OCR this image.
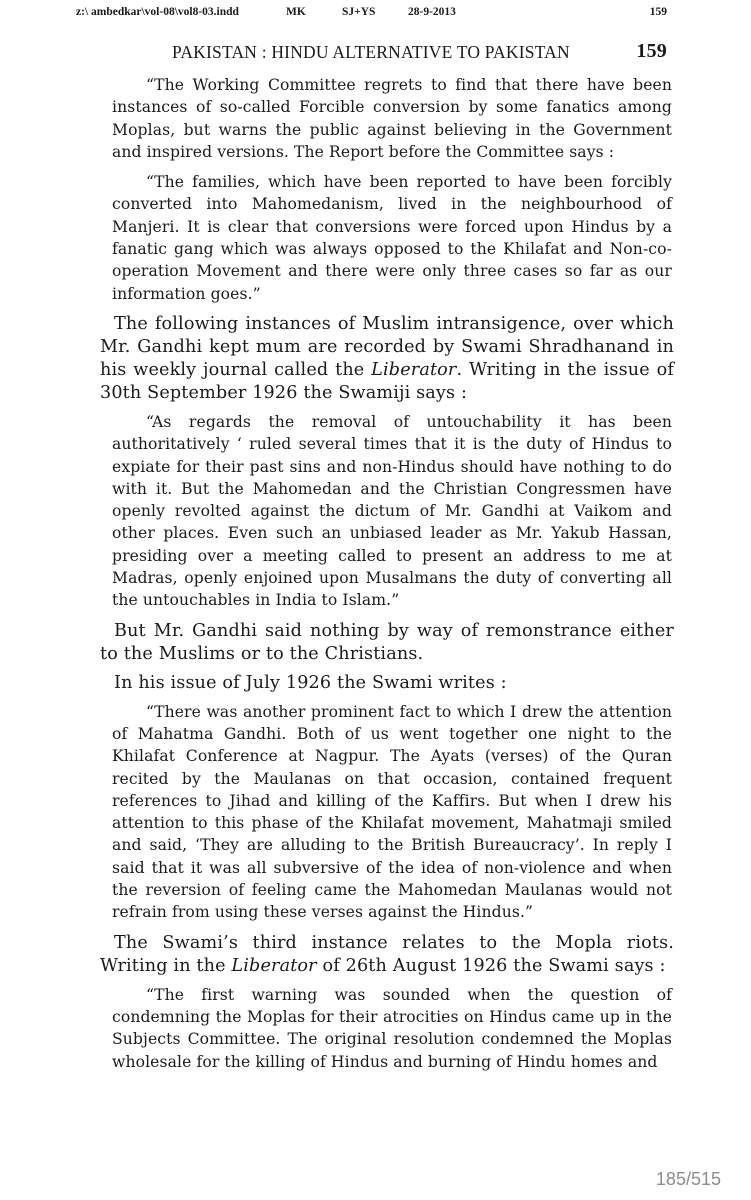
z:\ ambedkar\vol-08\vol8-03.indd	MK	SJ+YS	28-9-2013	159
PAKISTAN : HINDU ALTERNATIVE TO PAKISTAN	159

“The Working Committee regrets to find that there have been instances of so-called Forcible conversion by some fanatics among Moplas, but warns the public against believing in the Government and inspired versions. The Report before the Committee says :

“The families, which have been reported to have been forcibly converted into Mahomedanism, lived in the neighbourhood of Manjeri. It is clear that conversions were forced upon Hindus by a fanatic gang which was always opposed to the Khilafat and Non-co-operation Movement and there were only three cases so far as our information goes.”

The following instances of Muslim intransigence, over which Mr. Gandhi kept mum are recorded by Swami Shradhanand in his weekly journal called the Liberator. Writing in the issue of 30th September 1926 the Swamiji says :

“As regards the removal of untouchability it has been authoritatively ‘ ruled several times that it is the duty of Hindus to expiate for their past sins and non-Hindus should have nothing to do with it. But the Mahomedan and the Christian Congressmen have openly revolted against the dictum of Mr. Gandhi at Vaikom and other places. Even such an unbiased leader as Mr. Yakub Hassan, presiding over a meeting called to present an address to me at Madras, openly enjoined upon Musalmans the duty of converting all the untouchables in India to Islam.”

But Mr. Gandhi said nothing by way of remonstrance either to the Muslims or to the Christians.

In his issue of July 1926 the Swami writes :

“There was another prominent fact to which I drew the attention of Mahatma Gandhi. Both of us went together one night to the Khilafat Conference at Nagpur. The Ayats (verses) of the Quran recited by the Maulanas on that occasion, contained frequent references to Jihad and killing of the Kaffirs. But when I drew his attention to this phase of the Khilafat movement, Mahatmaji smiled and said, ‘They are alluding to the British Bureaucracy’. In reply I said that it was all subversive of the idea of non-violence and when the reversion of feeling came the Mahomedan Maulanas would not refrain from using these verses against the Hindus.”

The Swami’s third instance relates to the Mopla riots. Writing in the Liberator of 26th August 1926 the Swami says :

“The first warning was sounded when the question of condemning the Moplas for their atrocities on Hindus came up in the Subjects Committee. The original resolution condemned the Moplas wholesale for the killing of Hindus and burning of Hindu homes and

185/515
